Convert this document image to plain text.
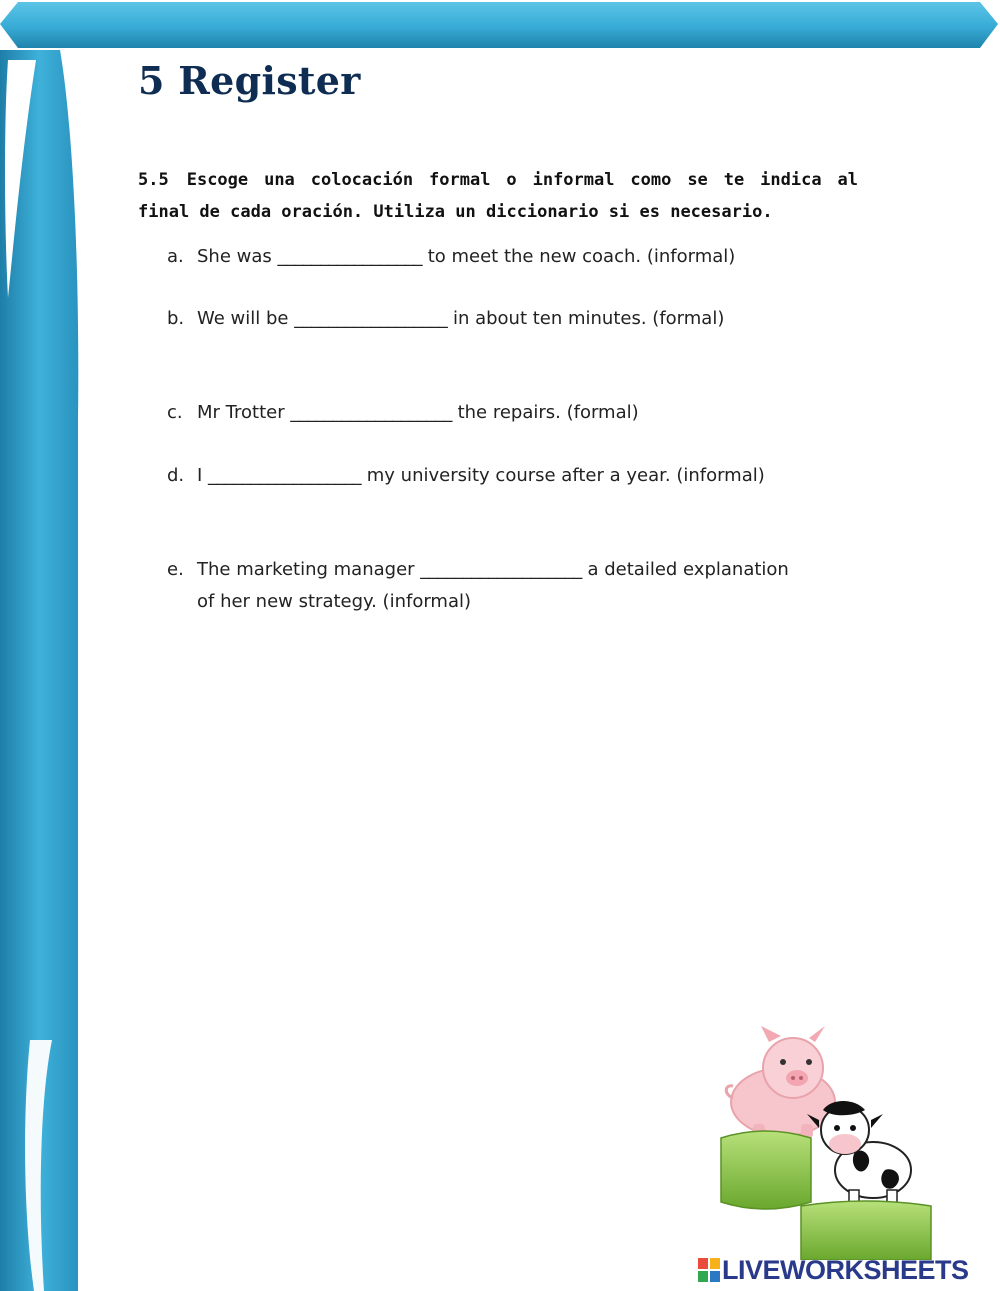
5 Register
5.5 Escoge una colocación formal o informal como se te indica al final de cada oración. Utiliza un diccionario si es necesario.
a. She was _________________ to meet the new coach. (informal)
b. We will be __________________ in about ten minutes. (formal)
c. Mr Trotter ___________________ the repairs. (formal)
d. I __________________ my university course after a year. (informal)
e. The marketing manager ___________________ a detailed explanation
of her new strategy. (informal)
LIVEWORKSHEETS
